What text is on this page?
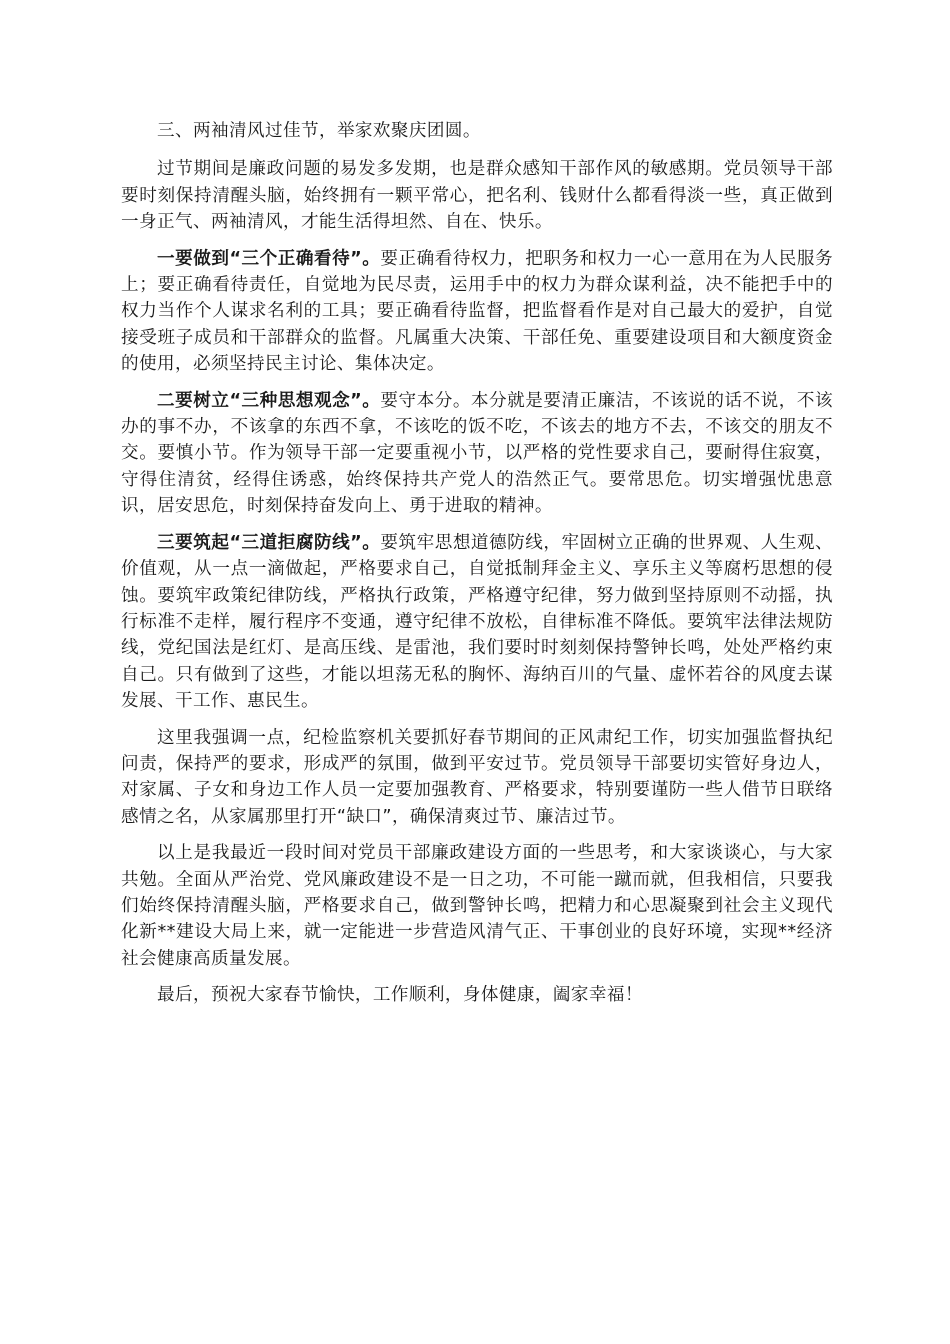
三、两袖清风过佳节，举家欢聚庆团圆。

过节期间是廉政问题的易发多发期，也是群众感知干部作风的敏感期。党员领导干部要时刻保持清醒头脑，始终拥有一颗平常心，把名利、钱财什么都看得淡一些，真正做到一身正气、两袖清风，才能生活得坦然、自在、快乐。

一要做到“三个正确看待”。要正确看待权力，把职务和权力一心一意用在为人民服务上；要正确看待责任，自觉地为民尽责，运用手中的权力为群众谋利益，决不能把手中的权力当作个人谋求名利的工具；要正确看待监督，把监督看作是对自己最大的爱护，自觉接受班子成员和干部群众的监督。凡属重大决策、干部任免、重要建设项目和大额度资金的使用，必须坚持民主讨论、集体决定。

二要树立“三种思想观念”。要守本分。本分就是要清正廉洁，不该说的话不说，不该办的事不办，不该拿的东西不拿，不该吃的饭不吃，不该去的地方不去，不该交的朋友不交。要慎小节。作为领导干部一定要重视小节，以严格的党性要求自己，要耐得住寂寞，守得住清贫，经得住诱惑，始终保持共产党人的浩然正气。要常思危。切实增强忧患意识，居安思危，时刻保持奋发向上、勇于进取的精神。

三要筑起“三道拒腐防线”。要筑牢思想道德防线，牢固树立正确的世界观、人生观、价值观，从一点一滴做起，严格要求自己，自觉抵制拜金主义、享乐主义等腐朽思想的侵蚀。要筑牢政策纪律防线，严格执行政策，严格遵守纪律，努力做到坚持原则不动摇，执行标准不走样，履行程序不变通，遵守纪律不放松，自律标准不降低。要筑牢法律法规防线，党纪国法是红灯、是高压线、是雷池，我们要时时刻刻保持警钟长鸣，处处严格约束自己。只有做到了这些，才能以坦荡无私的胸怀、海纳百川的气量、虚怀若谷的风度去谋发展、干工作、惠民生。

这里我强调一点，纪检监察机关要抓好春节期间的正风肃纪工作，切实加强监督执纪问责，保持严的要求，形成严的氛围，做到平安过节。党员领导干部要切实管好身边人，对家属、子女和身边工作人员一定要加强教育、严格要求，特别要谨防一些人借节日联络感情之名，从家属那里打开“缺口”，确保清爽过节、廉洁过节。

以上是我最近一段时间对党员干部廉政建设方面的一些思考，和大家谈谈心，与大家共勉。全面从严治党、党风廉政建设不是一日之功，不可能一蹴而就，但我相信，只要我们始终保持清醒头脑，严格要求自己，做到警钟长鸣，把精力和心思凝聚到社会主义现代化新**建设大局上来，就一定能进一步营造风清气正、干事创业的良好环境，实现**经济社会健康高质量发展。

最后，预祝大家春节愉快，工作顺利，身体健康，阖家幸福！
